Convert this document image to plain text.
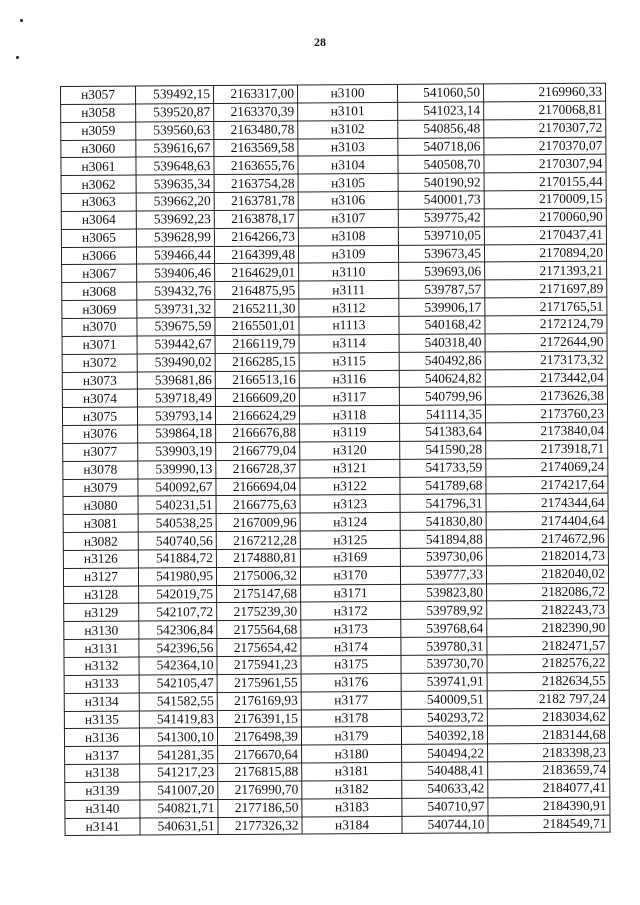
28
н3057	539492,15	2163317,00	н3100	541060,50	2169960,33
н3058	539520,87	2163370,39	н3101	541023,14	2170068,81
н3059	539560,63	2163480,78	н3102	540856,48	2170307,72
н3060	539616,67	2163569,58	н3103	540718,06	2170370,07
н3061	539648,63	2163655,76	н3104	540508,70	2170307,94
н3062	539635,34	2163754,28	н3105	540190,92	2170155,44
н3063	539662,20	2163781,78	н3106	540001,73	2170009,15
н3064	539692,23	2163878,17	н3107	539775,42	2170060,90
н3065	539628,99	2164266,73	н3108	539710,05	2170437,41
н3066	539466,44	2164399,48	н3109	539673,45	2170894,20
н3067	539406,46	2164629,01	н3110	539693,06	2171393,21
н3068	539432,76	2164875,95	н3111	539787,57	2171697,89
н3069	539731,32	2165211,30	н3112	539906,17	2171765,51
н3070	539675,59	2165501,01	н1113	540168,42	2172124,79
н3071	539442,67	2166119,79	н3114	540318,40	2172644,90
н3072	539490,02	2166285,15	н3115	540492,86	2173173,32
н3073	539681,86	2166513,16	н3116	540624,82	2173442,04
н3074	539718,49	2166609,20	н3117	540799,96	2173626,38
н3075	539793,14	2166624,29	н3118	541114,35	2173760,23
н3076	539864,18	2166676,88	н3119	541383,64	2173840,04
н3077	539903,19	2166779,04	н3120	541590,28	2173918,71
н3078	539990,13	2166728,37	н3121	541733,59	2174069,24
н3079	540092,67	2166694,04	н3122	541789,68	2174217,64
н3080	540231,51	2166775,63	н3123	541796,31	2174344,64
н3081	540538,25	2167009,96	н3124	541830,80	2174404,64
н3082	540740,56	2167212,28	н3125	541894,88	2174672,96
н3126	541884,72	2174880,81	н3169	539730,06	2182014,73
н3127	541980,95	2175006,32	н3170	539777,33	2182040,02
н3128	542019,75	2175147,68	н3171	539823,80	2182086,72
н3129	542107,72	2175239,30	н3172	539789,92	2182243,73
н3130	542306,84	2175564,68	н3173	539768,64	2182390,90
н3131	542396,56	2175654,42	н3174	539780,31	2182471,57
н3132	542364,10	2175941,23	н3175	539730,70	2182576,22
н3133	542105,47	2175961,55	н3176	539741,91	2182634,55
н3134	541582,55	2176169,93	н3177	540009,51	2182 797,24
н3135	541419,83	2176391,15	н3178	540293,72	2183034,62
н3136	541300,10	2176498,39	н3179	540392,18	2183144,68
н3137	541281,35	2176670,64	н3180	540494,22	2183398,23
н3138	541217,23	2176815,88	н3181	540488,41	2183659,74
н3139	541007,20	2176990,70	н3182	540633,42	2184077,41
н3140	540821,71	2177186,50	н3183	540710,97	2184390,91
н3141	540631,51	2177326,32	н3184	540744,10	2184549,71
